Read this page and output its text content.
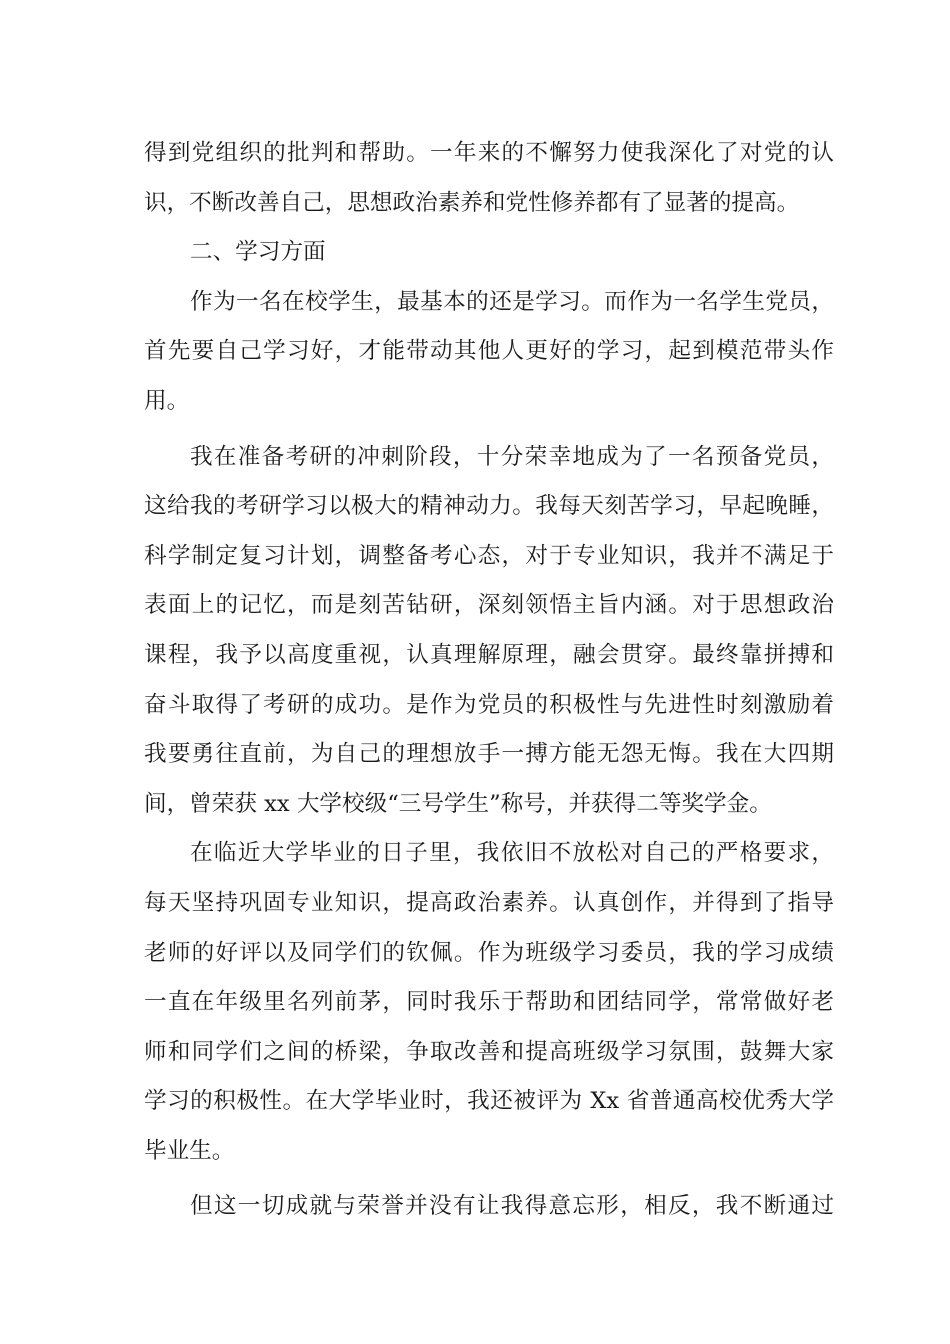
得到党组织的批判和帮助。一年来的不懈努力使我深化了对党的认
识，不断改善自己，思想政治素养和党性修养都有了显著的提高。
二、学习方面
作为一名在校学生，最基本的还是学习。而作为一名学生党员，
首先要自己学习好，才能带动其他人更好的学习，起到模范带头作
用。
我在准备考研的冲刺阶段，十分荣幸地成为了一名预备党员，
这给我的考研学习以极大的精神动力。我每天刻苦学习，早起晚睡，
科学制定复习计划，调整备考心态，对于专业知识，我并不满足于
表面上的记忆，而是刻苦钻研，深刻领悟主旨内涵。对于思想政治
课程，我予以高度重视，认真理解原理，融会贯穿。最终靠拼搏和
奋斗取得了考研的成功。是作为党员的积极性与先进性时刻激励着
我要勇往直前，为自己的理想放手一搏方能无怨无悔。我在大四期
间，曾荣获 xx 大学校级“三号学生”称号，并获得二等奖学金。
在临近大学毕业的日子里，我依旧不放松对自己的严格要求，
每天坚持巩固专业知识，提高政治素养。认真创作，并得到了指导
老师的好评以及同学们的钦佩。作为班级学习委员，我的学习成绩
一直在年级里名列前茅，同时我乐于帮助和团结同学，常常做好老
师和同学们之间的桥梁，争取改善和提高班级学习氛围，鼓舞大家
学习的积极性。在大学毕业时，我还被评为 Xx 省普通高校优秀大学
毕业生。
但这一切成就与荣誉并没有让我得意忘形，相反，我不断通过
